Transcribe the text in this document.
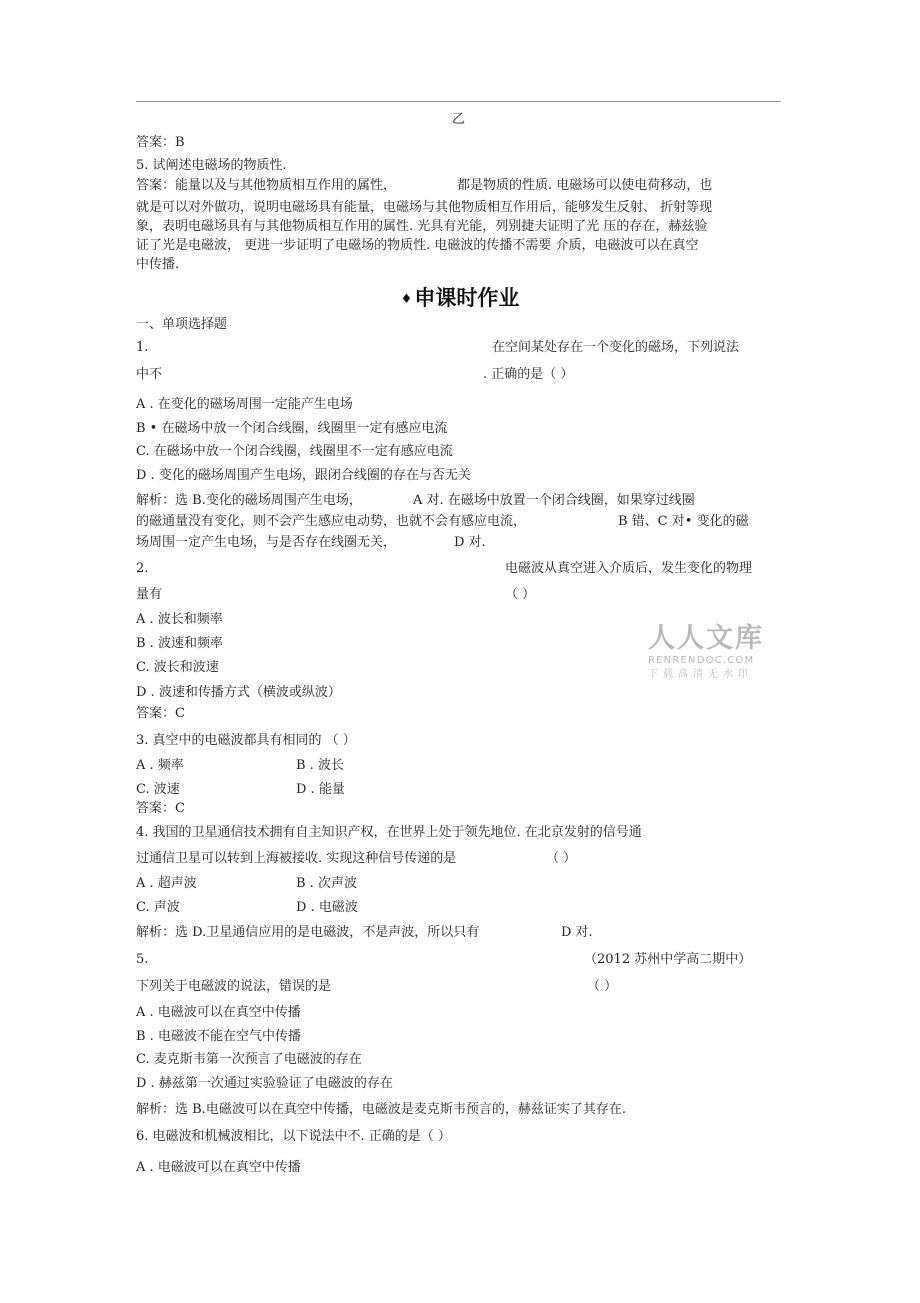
乙
答案：B
5. 试阐述电磁场的物质性.
答案：能量以及与其他物质相互作用的属性，	都是物质的性质. 电磁场可以使电荷移动，也
就是可以对外做功，说明电磁场具有能量，电磁场与其他物质相互作用后，能够发生反射、 折射等现
象，表明电磁场具有与其他物质相互作用的属性. 光具有光能，列别捷夫证明了光 压的存在，赫兹验
证了光是电磁波， 更进一步证明了电磁场的物质性. 电磁波的传播不需要 介质，电磁波可以在真空
中传播.
♦申课时作业
一、单项选择题
1.	在空间某处存在一个变化的磁场，下列说法
中不	. 正确的是（ ）
A . 在变化的磁场周围一定能产生电场
B • 在磁场中放一个闭合线圈，线圈里一定有感应电流
C. 在磁场中放一个闭合线圈，线圈里不一定有感应电流
D . 变化的磁场周围产生电场，跟闭合线圈的存在与否无关
解析：选 B.变化的磁场周围产生电场，	A 对. 在磁场中放置一个闭合线圈，如果穿过线圈
的磁通量没有变化，则不会产生感应电动势，也就不会有感应电流，	B 错、C 对• 变化的磁
场周围一定产生电场，与是否存在线圈无关，	D 对.
2.	电磁波从真空进入介质后，发生变化的物理
量有	（ ）
A . 波长和频率
B . 波速和频率
C. 波长和波速
D . 波速和传播方式（横波或纵波）
答案：C
3. 真空中的电磁波都具有相同的 （ ）
A . 频率	B . 波长
C. 波速	D . 能量
答案：C
4. 我国的卫星通信技术拥有自主知识产权，在世界上处于领先地位. 在北京发射的信号通
过通信卫星可以转到上海被接收. 实现这种信号传递的是	（ ）
A . 超声波	B . 次声波
C. 声波	D . 电磁波
解析：选 D.卫星通信应用的是电磁波，不是声波，所以只有	D 对.
5.	（2012 苏州中学高二期中）
下列关于电磁波的说法，错误的是	（ ）
A . 电磁波可以在真空中传播
B . 电磁波不能在空气中传播
C. 麦克斯韦第一次预言了电磁波的存在
D . 赫兹第一次通过实验验证了电磁波的存在
解析：选 B.电磁波可以在真空中传播，电磁波是麦克斯韦预言的，赫兹证实了其存在.
6. 电磁波和机械波相比，以下说法中不. 正确的是（ ）
A . 电磁波可以在真空中传播
人人文库
RENRENDOC.COM
下载高清无水印
